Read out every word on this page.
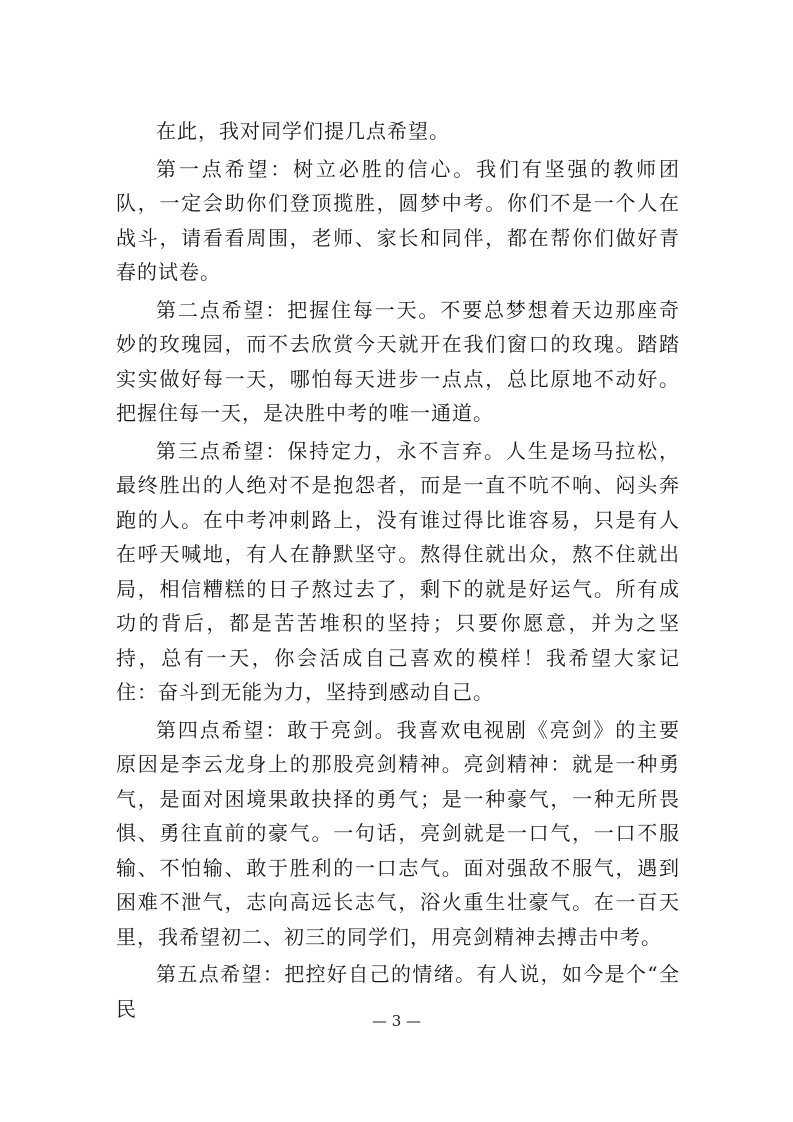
在此，我对同学们提几点希望。

第一点希望：树立必胜的信心。我们有坚强的教师团队，一定会助你们登顶揽胜，圆梦中考。你们不是一个人在战斗，请看看周围，老师、家长和同伴，都在帮你们做好青春的试卷。

第二点希望：把握住每一天。不要总梦想着天边那座奇妙的玫瑰园，而不去欣赏今天就开在我们窗口的玫瑰。踏踏实实做好每一天，哪怕每天进步一点点，总比原地不动好。把握住每一天，是决胜中考的唯一通道。

第三点希望：保持定力，永不言弃。人生是场马拉松，最终胜出的人绝对不是抱怨者，而是一直不吭不响、闷头奔跑的人。在中考冲刺路上，没有谁过得比谁容易，只是有人在呼天喊地，有人在静默坚守。熬得住就出众，熬不住就出局，相信糟糕的日子熬过去了，剩下的就是好运气。所有成功的背后，都是苦苦堆积的坚持；只要你愿意，并为之坚持，总有一天，你会活成自己喜欢的模样！我希望大家记住：奋斗到无能为力，坚持到感动自己。

第四点希望：敢于亮剑。我喜欢电视剧《亮剑》的主要原因是李云龙身上的那股亮剑精神。亮剑精神：就是一种勇气，是面对困境果敢抉择的勇气；是一种豪气，一种无所畏惧、勇往直前的豪气。一句话，亮剑就是一口气，一口不服输、不怕输、敢于胜利的一口志气。面对强敌不服气，遇到困难不泄气，志向高远长志气，浴火重生壮豪气。在一百天里，我希望初二、初三的同学们，用亮剑精神去搏击中考。

第五点希望：把控好自己的情绪。有人说，如今是个“全民

— 3 —
